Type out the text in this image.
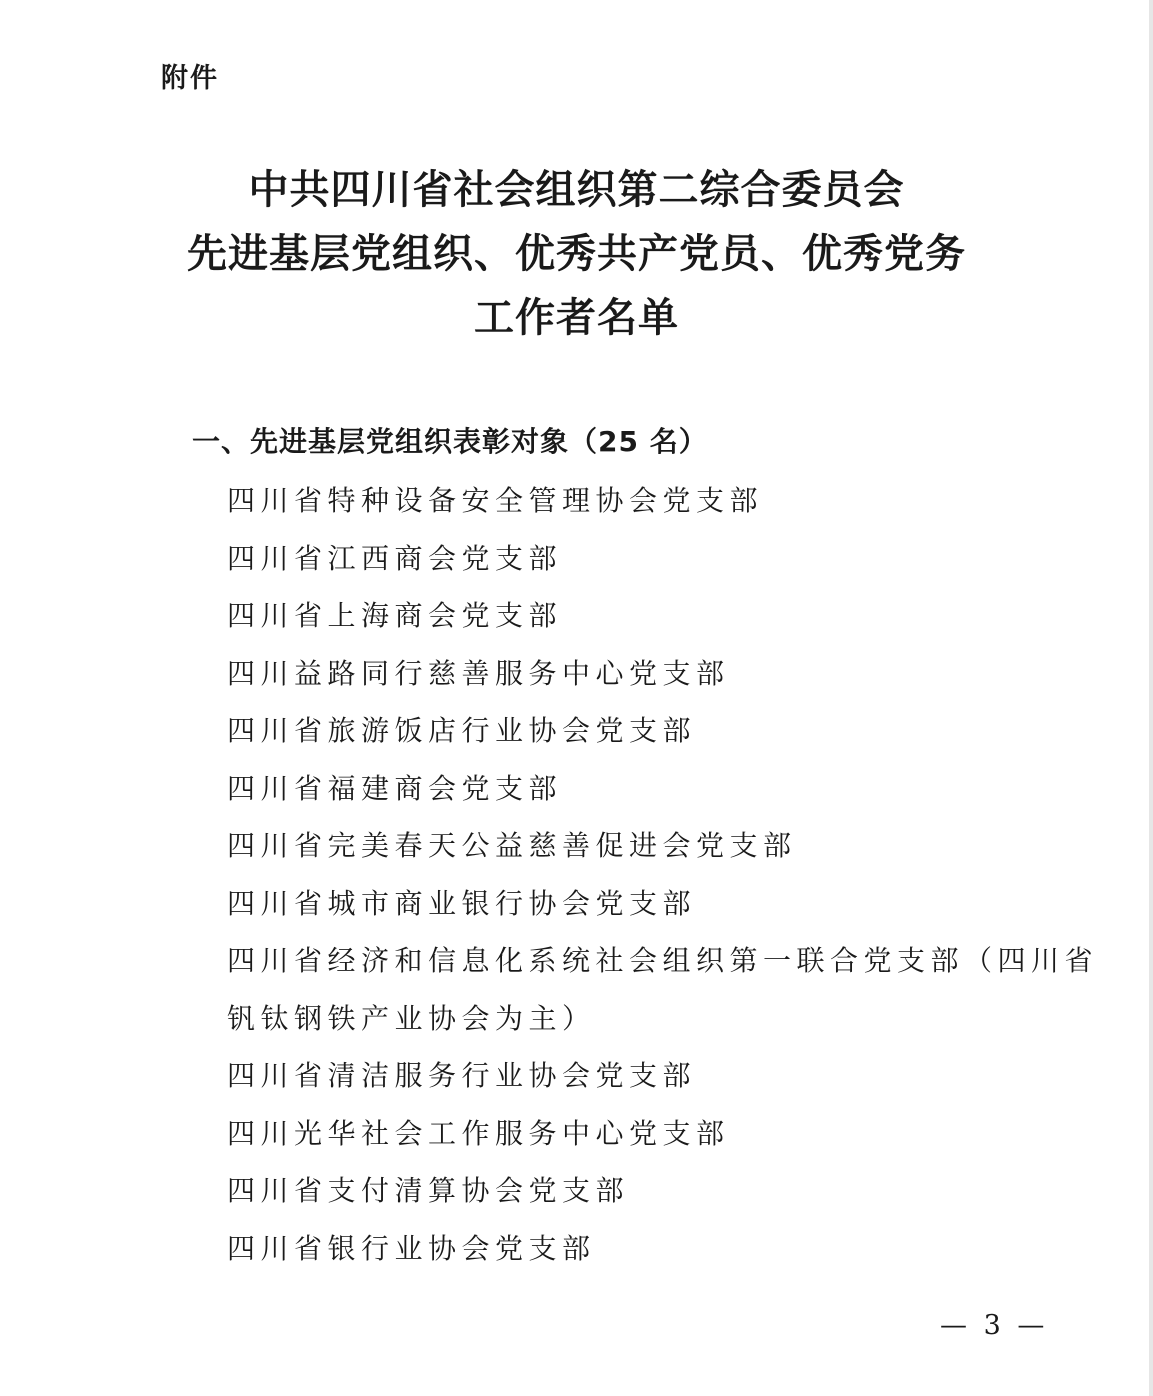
附件
中共四川省社会组织第二综合委员会
先进基层党组织、优秀共产党员、优秀党务
工作者名单
一、先进基层党组织表彰对象（25 名）
四川省特种设备安全管理协会党支部
四川省江西商会党支部
四川省上海商会党支部
四川益路同行慈善服务中心党支部
四川省旅游饭店行业协会党支部
四川省福建商会党支部
四川省完美春天公益慈善促进会党支部
四川省城市商业银行协会党支部
四川省经济和信息化系统社会组织第一联合党支部（四川省
钒钛钢铁产业协会为主）
四川省清洁服务行业协会党支部
四川光华社会工作服务中心党支部
四川省支付清算协会党支部
四川省银行业协会党支部
— 3 —
